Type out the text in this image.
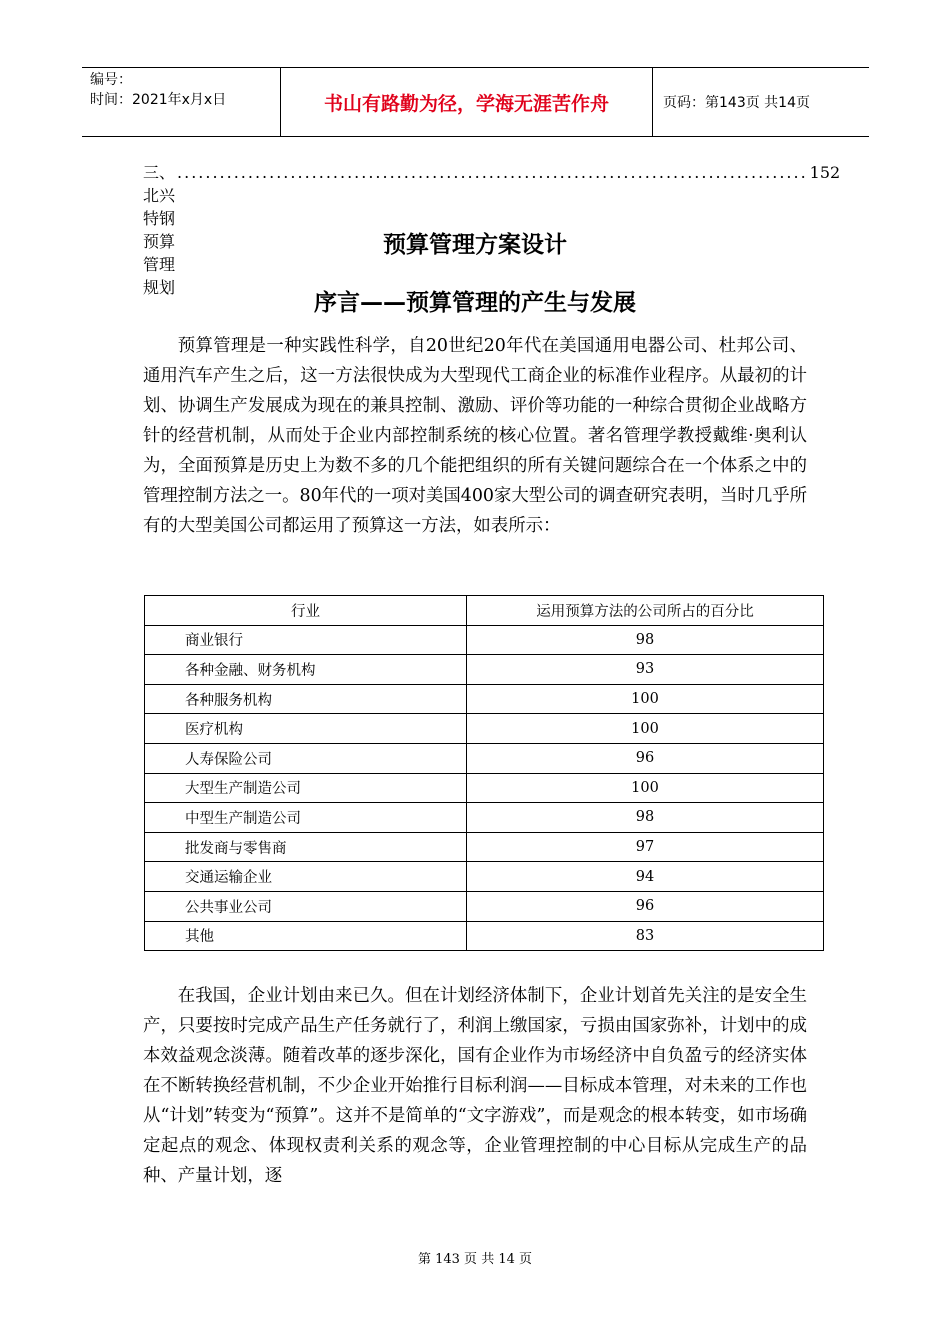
编号：
时间：2021年x月x日	书山有路勤为径，学海无涯苦作舟	页码：第143页 共14页
三、北兴特钢预算管理规划
......................................................................................... 152
预算管理方案设计
序言——预算管理的产生与发展
预算管理是一种实践性科学，自20世纪20年代在美国通用电器公司、杜邦公司、通用汽车产生之后，这一方法很快成为大型现代工商企业的标准作业程序。从最初的计划、协调生产发展成为现在的兼具控制、激励、评价等功能的一种综合贯彻企业战略方针的经营机制，从而处于企业内部控制系统的核心位置。著名管理学教授戴维·奥利认为，全面预算是历史上为数不多的几个能把组织的所有关键问题综合在一个体系之中的管理控制方法之一。80年代的一项对美国400家大型公司的调查研究表明，当时几乎所有的大型美国公司都运用了预算这一方法，如表所示：
行业	运用预算方法的公司所占的百分比
商业银行	98
各种金融、财务机构	93
各种服务机构	100
医疗机构	100
人寿保险公司	96
大型生产制造公司	100
中型生产制造公司	98
批发商与零售商	97
交通运输企业	94
公共事业公司	96
其他	83
在我国，企业计划由来已久。但在计划经济体制下，企业计划首先关注的是安全生产，只要按时完成产品生产任务就行了，利润上缴国家，亏损由国家弥补，计划中的成本效益观念淡薄。随着改革的逐步深化，国有企业作为市场经济中自负盈亏的经济实体在不断转换经营机制，不少企业开始推行目标利润——目标成本管理，对未来的工作也从“计划”转变为“预算”。这并不是简单的“文字游戏”，而是观念的根本转变，如市场确定起点的观念、体现权责利关系的观念等，企业管理控制的中心目标从完成生产的品种、产量计划，逐
第 143 页 共 14 页
